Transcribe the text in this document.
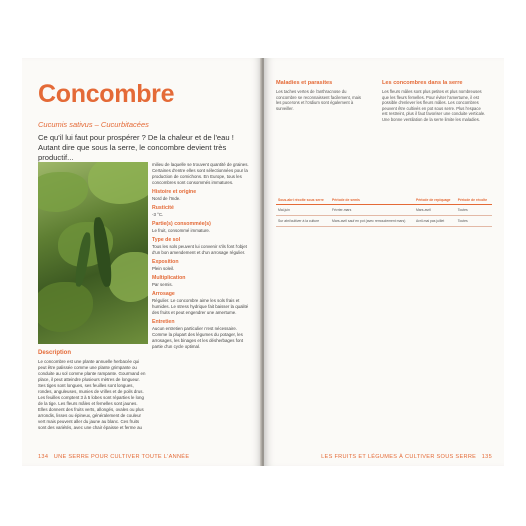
Concombre
Cucumis sativus – Cucurbitacées
Ce qu'il lui faut pour prospérer ? De la chaleur et de l'eau ! Autant dire que sous la serre, le concombre devient très productif...
milieu de laquelle se trouvent quantité de graines. Certaines d'entre elles sont sélectionnées pour la production de cornichons. En Europe, tous les concombres sont consommés immatures.
Histoire et origine
Nord de l'Inde.
Rusticité
-3 °C.
Partie(s) consommée(s)
Le fruit, consommé immature.
Type de sol
Tous les sols peuvent lui convenir s'ils font l'objet d'un bon amendement et d'un arrosage régulier.
Exposition
Plein soleil.
Multiplication
Par semis.
Arrosage
Régulier. Le concombre aime les sols frais et humides. Le stress hydrique fait baisser la qualité des fruits et peut engendrer une amertume.
Entretien
Aucun entretien particulier n'est nécessaire. Comme la plupart des légumes du potager, les arrosages, les binages et les désherbages font partie d'un cycle optimal.
Description
Le concombre est une plante annuelle herbacée qui peut être palissée comme une plante grimpante ou conduite au sol comme plante rampante. Gourmand en place, il peut atteindre plusieurs mètres de longueur. Ses tiges sont longues, ses feuilles sont longues, rondes, anguleuses, munies de vrilles et de poils drus. Les feuilles comptent 3 à 5 lobes sont réparties le long de la tige. Les fleurs mâles et femelles sont jaunes. Elles donnent des fruits verts, allongés, ovales ou plus arrondis, lisses ou épineux, généralement de couleur vert mais peuvent aller du jaune au blanc. Ces fruits sont des variétés, avec une chair épaisse et ferme au
134 UNE SERRE POUR CULTIVER TOUTE L'ANNÉE
Maladies et parasites
Les taches vertes de l'anthracnose du concombre se reconnaissent facilement, mais les pucerons et l'oïdium sont également à surveiller.
Les concombres dans la serre
Les fleurs mâles sont plus petites et plus nombreuses que les fleurs femelles. Pour éviter l'amertume, il est possible d'enlever les fleurs mâles. Les concombres peuvent être cultivés en pot sous serre. Plus l'espace est restreint, plus il faut favoriser une conduite verticale. Une bonne ventilation de la serre limite les maladies.
Sous-abri récolte sous serre	Période de semis	Période de repiquage	Période de récolte
Mai-juin	Février-mars	Mars-avril	Toutes
Sur abri/cultiver à la culture	Mars-avril sauf en pot (avec remoudement mars)	Avril-mai pas juillet	Toutes
LES FRUITS ET LÉGUMES À CULTIVER SOUS SERRE 135
